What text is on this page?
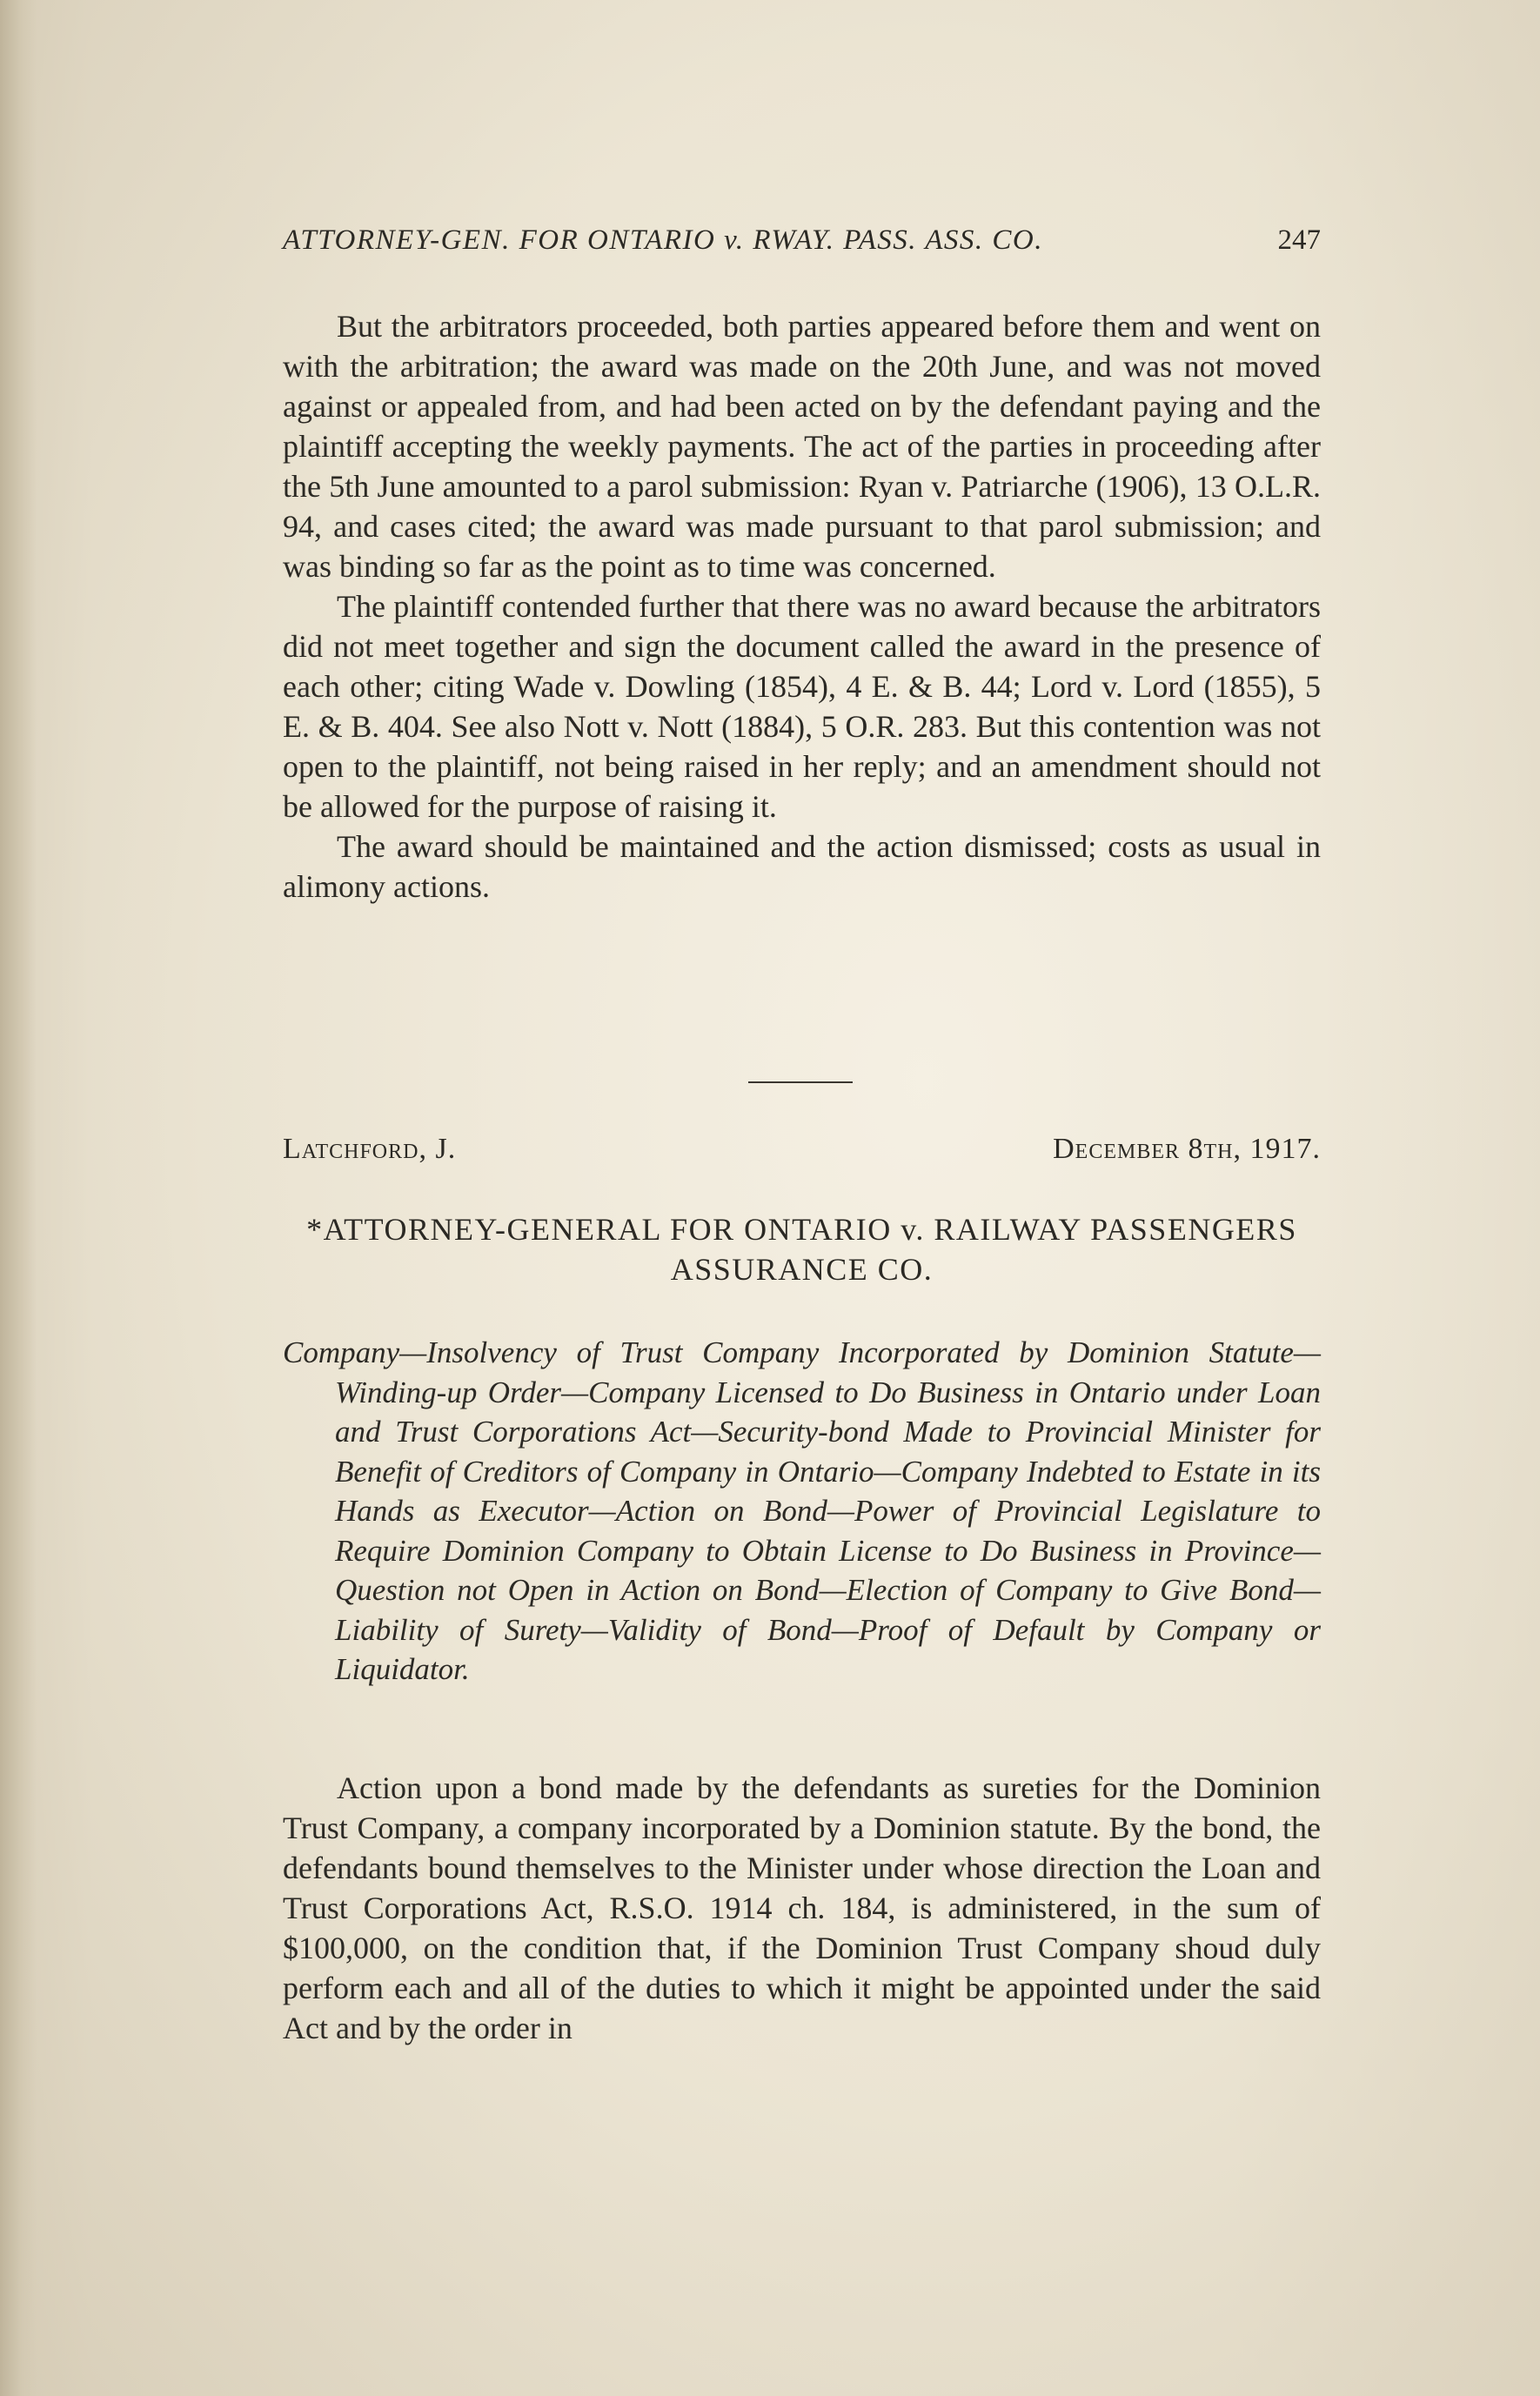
ATTORNEY-GEN. FOR ONTARIO v. RWAY. PASS. ASS. CO.	247

But the arbitrators proceeded, both parties appeared before them and went on with the arbitration; the award was made on the 20th June, and was not moved against or appealed from, and had been acted on by the defendant paying and the plaintiff accepting the weekly payments. The act of the parties in proceeding after the 5th June amounted to a parol submission: Ryan v. Patriarche (1906), 13 O.L.R. 94, and cases cited; the award was made pursuant to that parol submission; and was binding so far as the point as to time was concerned.

The plaintiff contended further that there was no award because the arbitrators did not meet together and sign the document called the award in the presence of each other; citing Wade v. Dowling (1854), 4 E. & B. 44; Lord v. Lord (1855), 5 E. & B. 404. See also Nott v. Nott (1884), 5 O.R. 283. But this contention was not open to the plaintiff, not being raised in her reply; and an amendment should not be allowed for the purpose of raising it.

The award should be maintained and the action dismissed; costs as usual in alimony actions.

Latchford, J.	December 8th, 1917.
*ATTORNEY-GENERAL FOR ONTARIO v. RAILWAY PASSENGERS ASSURANCE CO.
Company—Insolvency of Trust Company Incorporated by Dominion Statute—Winding-up Order—Company Licensed to Do Business in Ontario under Loan and Trust Corporations Act—Security-bond Made to Provincial Minister for Benefit of Creditors of Company in Ontario—Company Indebted to Estate in its Hands as Executor—Action on Bond—Power of Provincial Legislature to Require Dominion Company to Obtain License to Do Business in Province—Question not Open in Action on Bond—Election of Company to Give Bond—Liability of Surety—Validity of Bond—Proof of Default by Company or Liquidator.

Action upon a bond made by the defendants as sureties for the Dominion Trust Company, a company incorporated by a Dominion statute. By the bond, the defendants bound themselves to the Minister under whose direction the Loan and Trust Corporations Act, R.S.O. 1914 ch. 184, is administered, in the sum of $100,000, on the condition that, if the Dominion Trust Company shoud duly perform each and all of the duties to which it might be appointed under the said Act and by the order in
